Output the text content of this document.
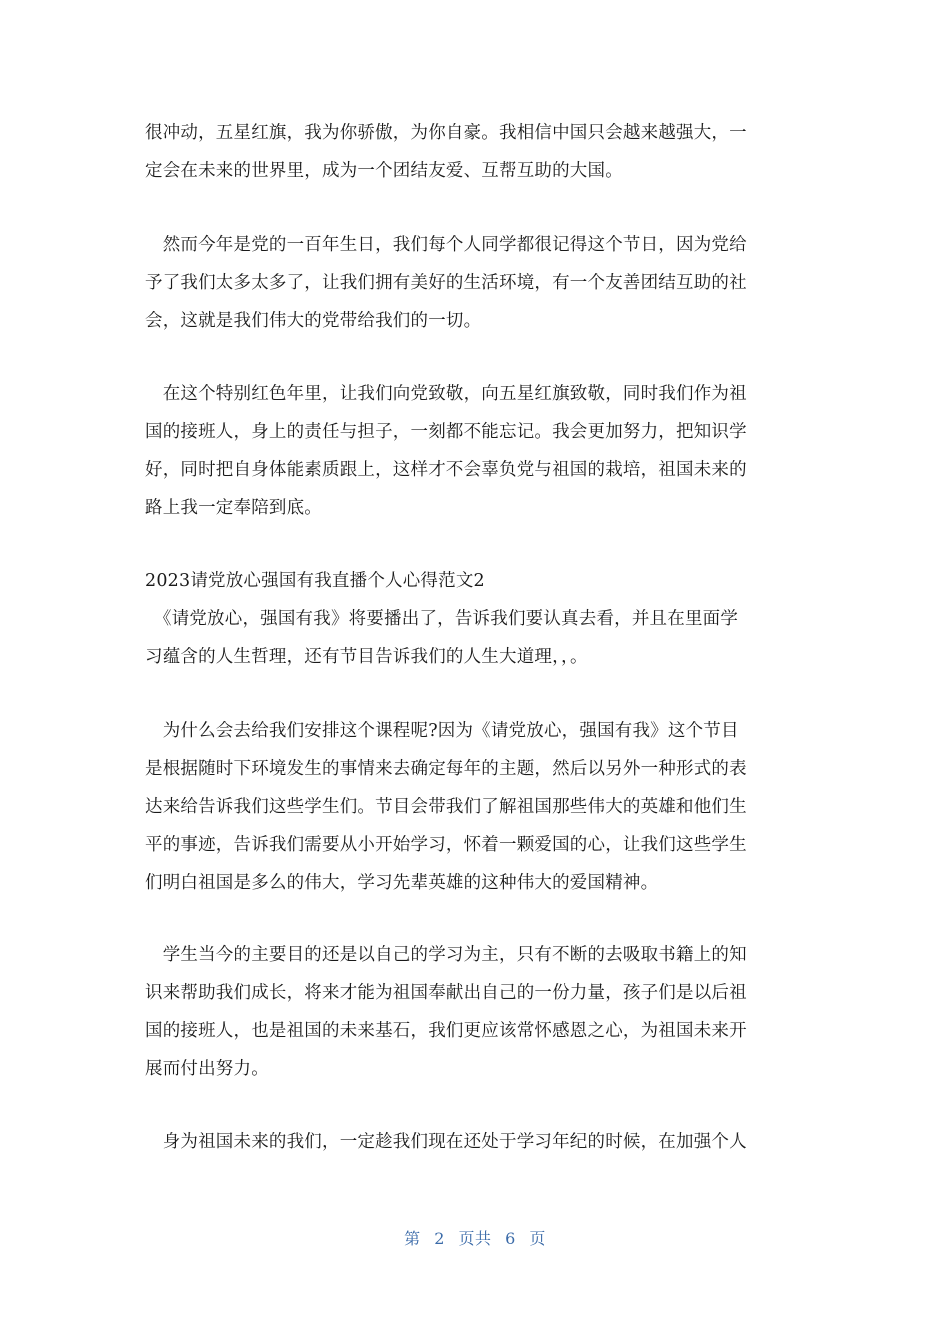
很冲动，五星红旗，我为你骄傲，为你自豪。我相信中国只会越来越强大，一
定会在未来的世界里，成为一个团结友爱、互帮互助的大国。
　然而今年是党的一百年生日，我们每个人同学都很记得这个节日，因为党给
予了我们太多太多了，让我们拥有美好的生活环境，有一个友善团结互助的社
会，这就是我们伟大的党带给我们的一切。
　在这个特别红色年里，让我们向党致敬，向五星红旗致敬，同时我们作为祖
国的接班人，身上的责任与担子，一刻都不能忘记。我会更加努力，把知识学
好，同时把自身体能素质跟上，这样才不会辜负党与祖国的栽培，祖国未来的
路上我一定奉陪到底。
2023请党放心强国有我直播个人心得范文2
　《请党放心，强国有我》将要播出了，告诉我们要认真去看，并且在里面学
习蕴含的人生哲理，还有节目告诉我们的人生大道理，，。
　为什么会去给我们安排这个课程呢?因为《请党放心，强国有我》这个节目
是根据随时下环境发生的事情来去确定每年的主题，然后以另外一种形式的表
达来给告诉我们这些学生们。节目会带我们了解祖国那些伟大的英雄和他们生
平的事迹，告诉我们需要从小开始学习，怀着一颗爱国的心，让我们这些学生
们明白祖国是多么的伟大，学习先辈英雄的这种伟大的爱国精神。
　学生当今的主要目的还是以自己的学习为主，只有不断的去吸取书籍上的知
识来帮助我们成长，将来才能为祖国奉献出自己的一份力量，孩子们是以后祖
国的接班人，也是祖国的未来基石，我们更应该常怀感恩之心，为祖国未来开
展而付出努力。
　身为祖国未来的我们，一定趁我们现在还处于学习年纪的时候，在加强个人
第 2 页共 6 页
